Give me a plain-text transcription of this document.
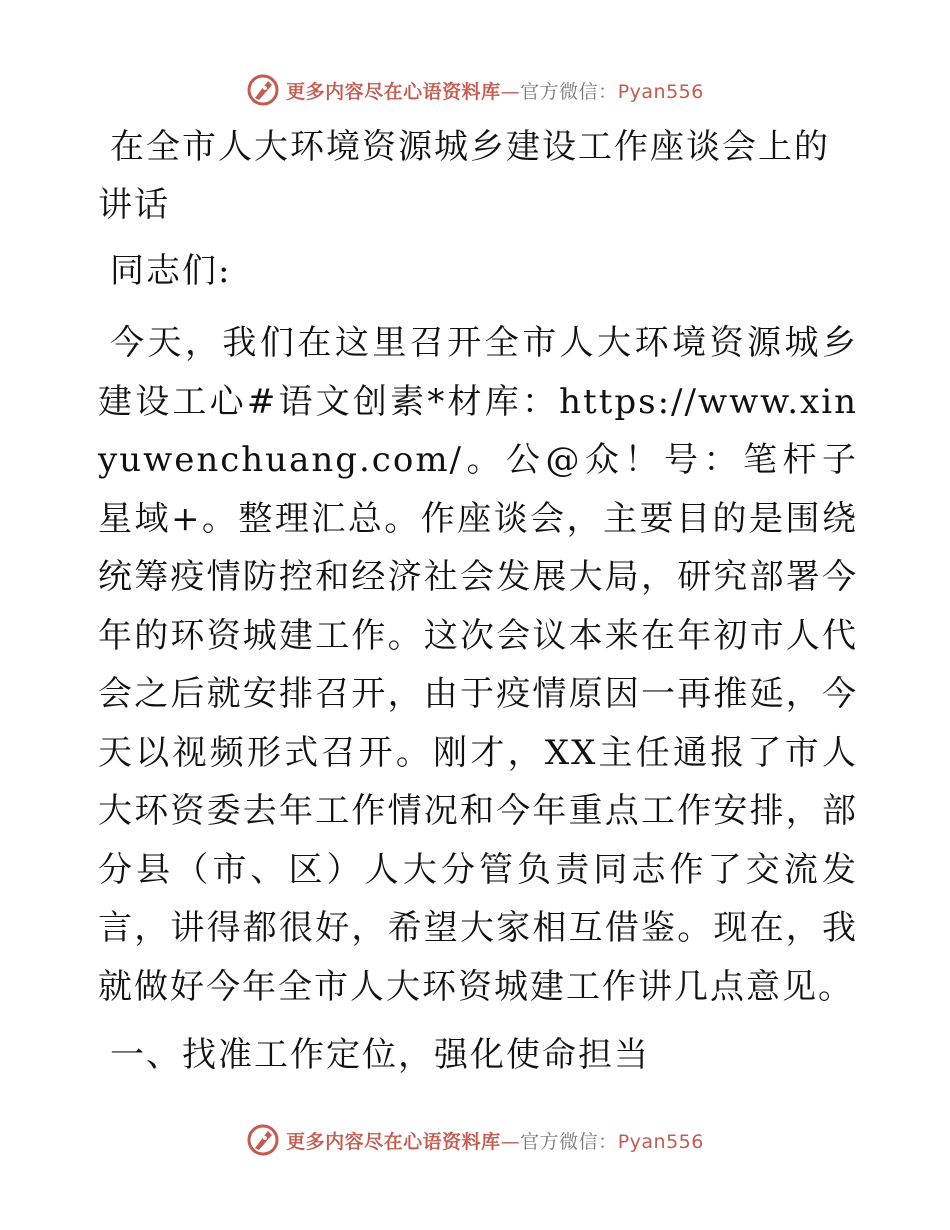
更多内容尽在心语资料库—官方微信：Pyan556
在全市人大环境资源城乡建设工作座谈会上的讲话

同志们:

今天，我们在这里召开全市人大环境资源城乡建设工心#语文创素*材库：https://www.xinyuwenchuang.com/。公@众！号：笔杆子星域+。整理汇总。作座谈会，主要目的是围绕统筹疫情防控和经济社会发展大局，研究部署今年的环资城建工作。这次会议本来在年初市人代会之后就安排召开，由于疫情原因一再推延，今天以视频形式召开。刚才，XX主任通报了市人大环资委去年工作情况和今年重点工作安排，部分县（市、区）人大分管负责同志作了交流发言，讲得都很好，希望大家相互借鉴。现在，我就做好今年全市人大环资城建工作讲几点意见。

一、找准工作定位，强化使命担当
更多内容尽在心语资料库—官方微信：Pyan556
